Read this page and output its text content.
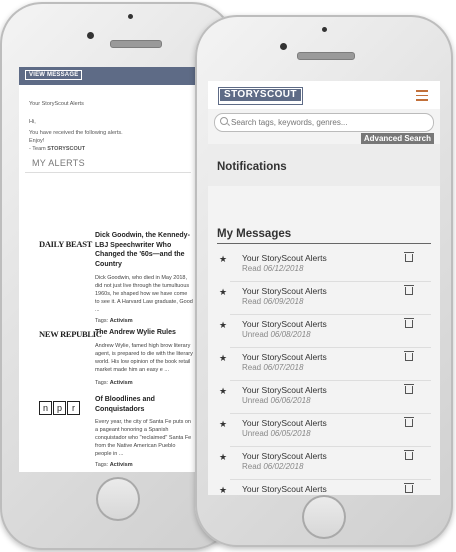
VIEW MESSAGE
Your StoryScout Alerts
Hi,
You have received the following alerts.
Enjoy!
- Team STORYSCOUT
MY ALERTS
DAILY BEAST
Dick Goodwin, the Kennedy-LBJ Speechwriter Who Changed the '60s—and the Country
Dick Goodwin, who died in May 2018, did not just live through the tumultuous 1960s, he shaped how we have come to see it. A Harvard Law graduate, Good ...
Tags: Activism
NEW REPUBLIC
The Andrew Wylie Rules
Andrew Wylie, famed high brow literary agent, is prepared to die with the literary world. His low opinion of the book retail market made him an easy e ...
Tags: Activism
n p	r
Of Bloodlines and Conquistadors
Every year, the city of Santa Fe puts on a pageant honoring a Spanish conquistador who "reclaimed" Santa Fe from the Native American Pueblo people in ...
Tags: Activism
STORYSCOUT
Search tags, keywords, genres...
Advanced Search
Notifications
My Messages
★ Your StoryScout Alerts
Read 06/12/2018
★ Your StoryScout Alerts
Read 06/09/2018
★ Your StoryScout Alerts
Unread 06/08/2018
★ Your StoryScout Alerts
Read 06/07/2018
★ Your StoryScout Alerts
Unread 06/06/2018
★ Your StoryScout Alerts
Unread 06/05/2018
★ Your StoryScout Alerts
Read 06/02/2018
★ Your StoryScout Alerts
